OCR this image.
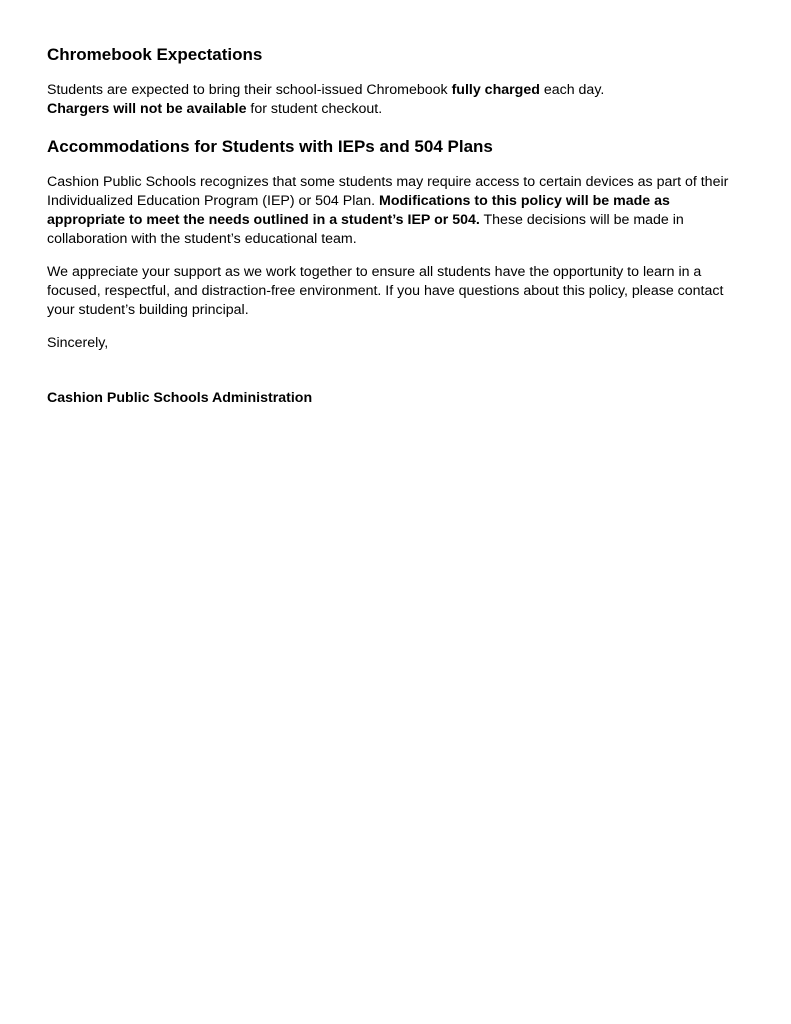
Chromebook Expectations

Students are expected to bring their school-issued Chromebook fully charged each day.
Chargers will not be available for student checkout.

Accommodations for Students with IEPs and 504 Plans

Cashion Public Schools recognizes that some students may require access to certain devices as part of their Individualized Education Program (IEP) or 504 Plan. Modifications to this policy will be made as appropriate to meet the needs outlined in a student’s IEP or 504. These decisions will be made in collaboration with the student’s educational team.

We appreciate your support as we work together to ensure all students have the opportunity to learn in a focused, respectful, and distraction-free environment. If you have questions about this policy, please contact your student’s building principal.

Sincerely,

Cashion Public Schools Administration
